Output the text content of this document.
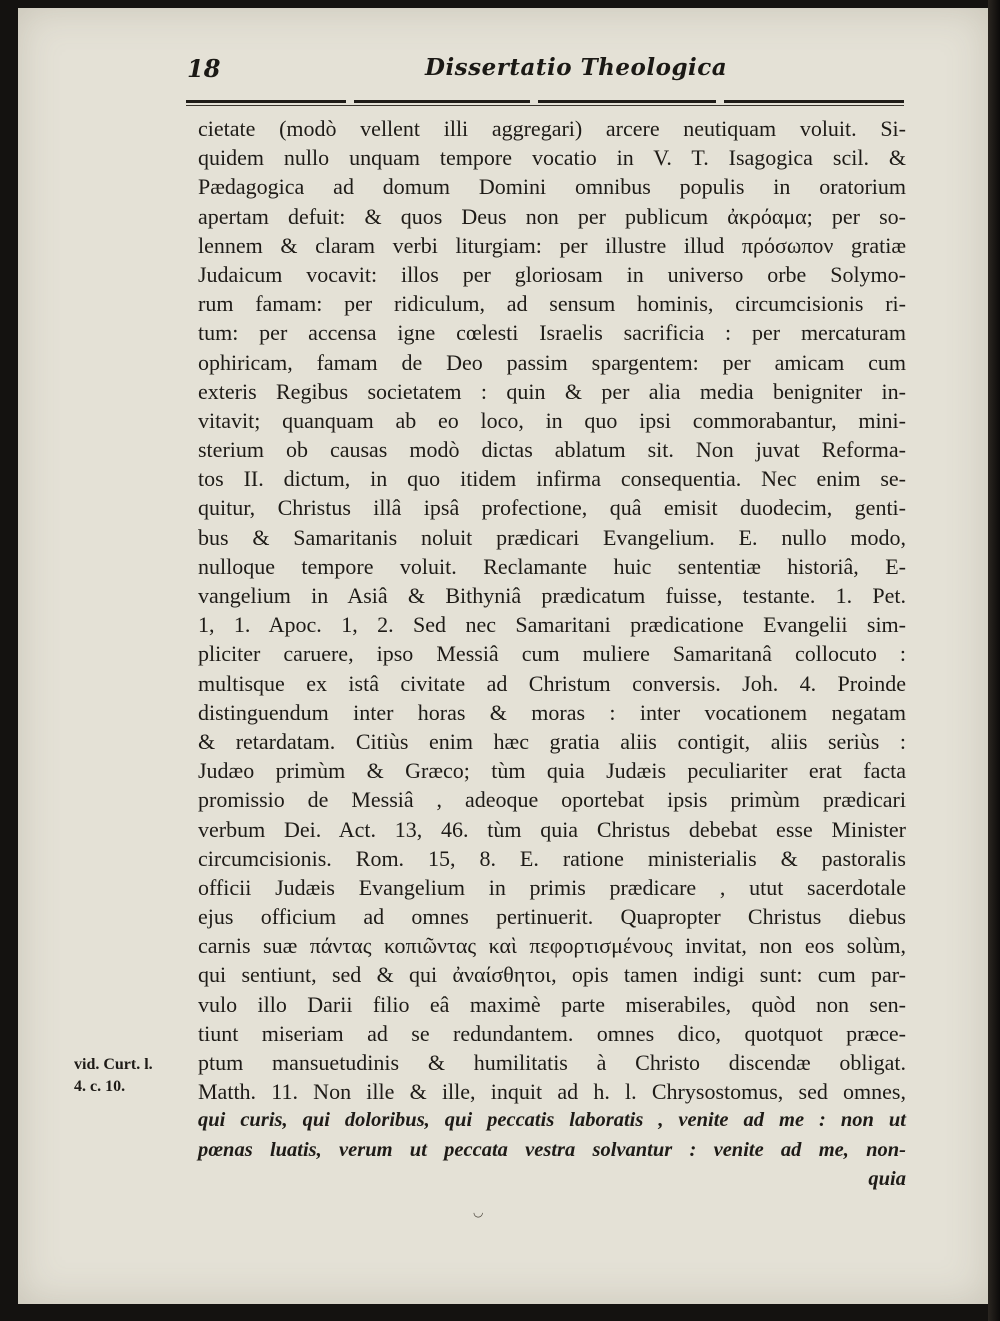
18	Dissertatio Theologica
cietate (modò vellent illi aggregari) arcere neutiquam voluit. Si-
quidem nullo unquam tempore vocatio in V. T. Isagogica scil. &
Pædagogica ad domum Domini omnibus populis in oratorium
apertam defuit: & quos Deus non per publicum ἀκρόαμα; per so-
lennem & claram verbi liturgiam: per illustre illud πρόσωπον gratiæ
Judaicum vocavit: illos per gloriosam in universo orbe Solymo-
rum famam: per ridiculum, ad sensum hominis, circumcisionis ri-
tum: per accensa igne cœlesti Israelis sacrificia : per mercaturam
ophiricam, famam de Deo passim spargentem: per amicam cum
exteris Regibus societatem : quin & per alia media benigniter in-
vitavit; quanquam ab eo loco, in quo ipsi commorabantur, mini-
sterium ob causas modò dictas ablatum sit. Non juvat Reforma-
tos II. dictum, in quo itidem infirma consequentia. Nec enim se-
quitur, Christus illâ ipsâ profectione, quâ emisit duodecim, genti-
bus & Samaritanis noluit prædicari Evangelium. E. nullo modo,
nulloque tempore voluit. Reclamante huic sententiæ historiâ, E-
vangelium in Asiâ & Bithyniâ prædicatum fuisse, testante. 1. Pet.
1, 1. Apoc. 1, 2. Sed nec Samaritani prædicatione Evangelii sim-
pliciter caruere, ipso Messiâ cum muliere Samaritanâ collocuto :
multisque ex istâ civitate ad Christum conversis. Joh. 4. Proinde
distinguendum inter horas & moras : inter vocationem negatam
& retardatam. Citiùs enim hæc gratia aliis contigit, aliis seriùs :
Judæo primùm & Græco; tùm quia Judæis peculiariter erat facta
promissio de Messiâ , adeoque oportebat ipsis primùm prædicari
verbum Dei. Act. 13, 46. tùm quia Christus debebat esse Minister
circumcisionis. Rom. 15, 8. E. ratione ministerialis & pastoralis
officii Judæis Evangelium in primis prædicare , utut sacerdotale
ejus officium ad omnes pertinuerit. Quapropter Christus diebus
carnis suæ πάντας κοπιῶντας καὶ πεφορτισμένους invitat, non eos solùm,
qui sentiunt, sed & qui ἀναίσθητοι, opis tamen indigi sunt: cum par-
vulo illo Darii filio eâ maximè parte miserabiles, quòd non sen-
tiunt miseriam ad se redundantem. omnes dico, quotquot præce-
ptum mansuetudinis & humilitatis à Christo discendæ obligat.
Matth. 11. Non ille & ille, inquit ad h. l. Chrysostomus, sed omnes,
qui curis, qui doloribus, qui peccatis laboratis , venite ad me : non ut
pœnas luatis, verum ut peccata vestra solvantur : venite ad me, non-
quia
vid. Curt. l.
4. c. 10.
◡
